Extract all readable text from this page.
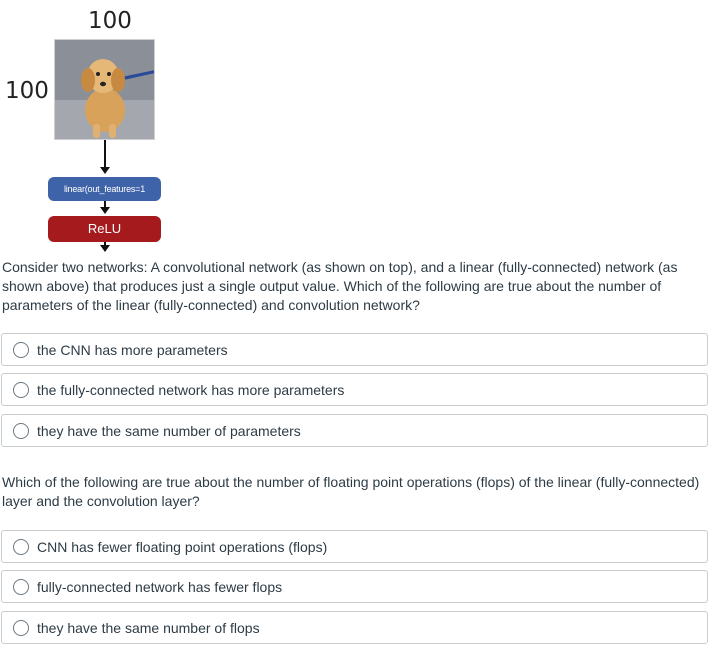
100
100
linear(out_features=1
ReLU
Consider two networks: A convolutional network (as shown on top), and a linear (fully-connected) network (as shown above) that produces just a single output value. Which of the following are true about the number of parameters of the linear (fully-connected) and convolution network?
the CNN has more parameters
the fully-connected network has more parameters
they have the same number of parameters
Which of the following are true about the number of floating point operations (flops) of the linear (fully-connected) layer and the convolution layer?
CNN has fewer floating point operations (flops)
fully-connected network has fewer flops
they have the same number of flops
